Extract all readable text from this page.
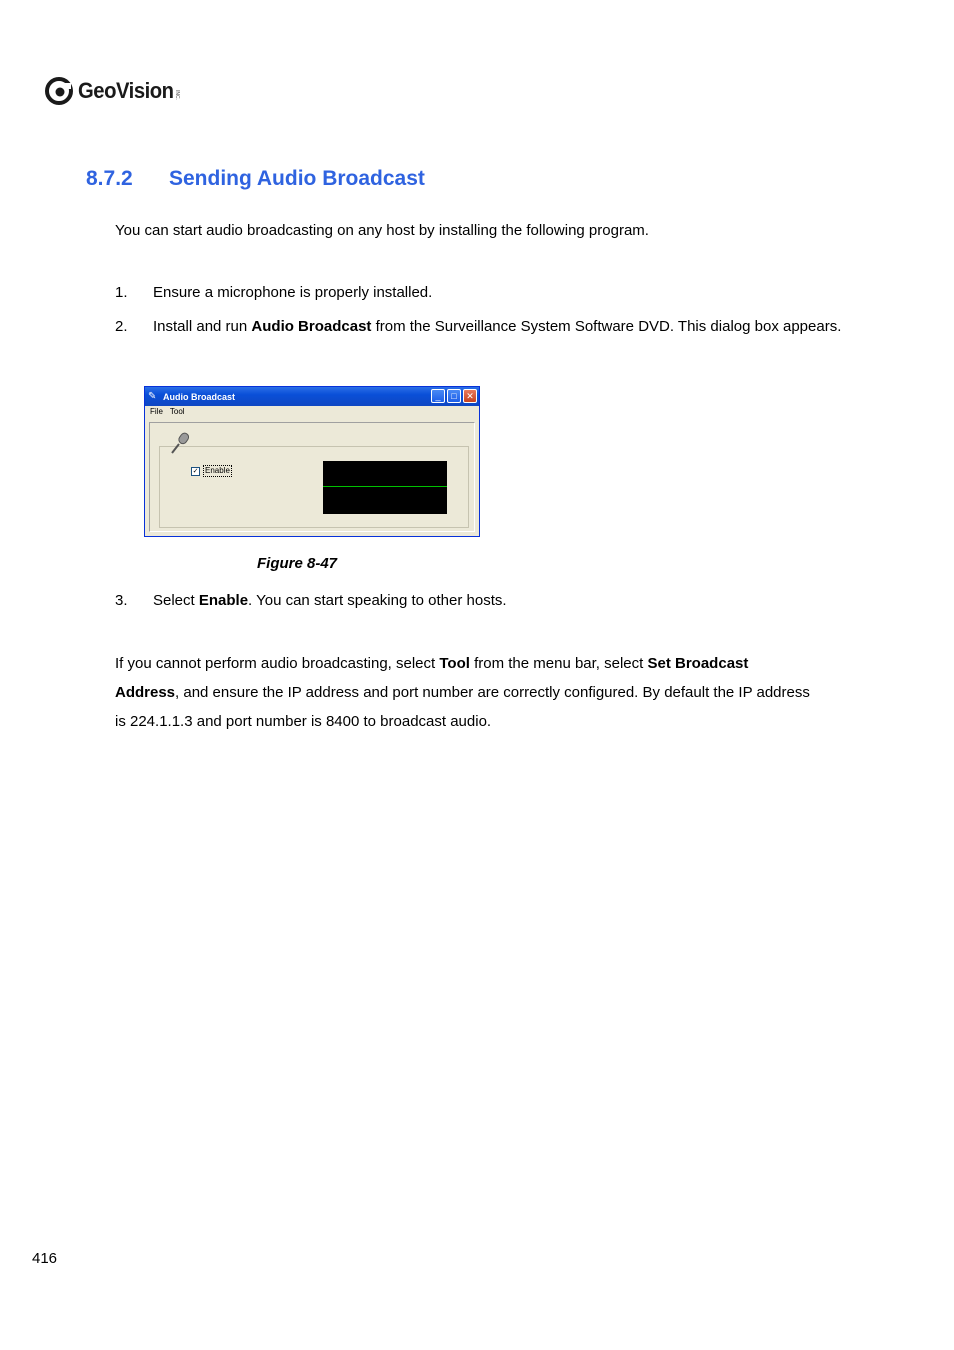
GeoVision INC.
8.7.2 Sending Audio Broadcast
You can start audio broadcasting on any host by installing the following program.
1. Ensure a microphone is properly installed.
2. Install and run Audio Broadcast from the Surveillance System Software DVD. This dialog box appears.
✎ Audio Broadcast	_	□	✕
File Tool
✓ Enable
Figure 8-47
3. Select Enable. You can start speaking to other hosts.
If you cannot perform audio broadcasting, select Tool from the menu bar, select Set Broadcast Address, and ensure the IP address and port number are correctly configured. By default the IP address is 224.1.1.3 and port number is 8400 to broadcast audio.
416
